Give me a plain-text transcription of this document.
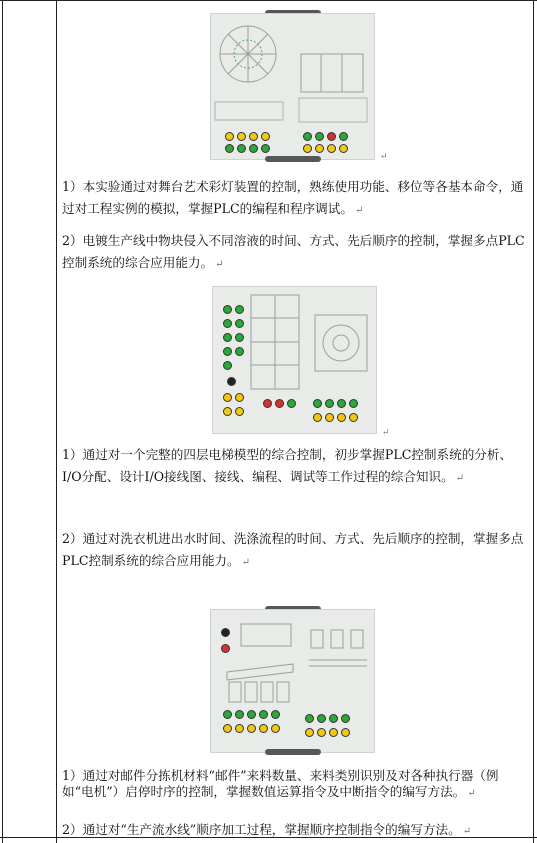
↵
1）本实验通过对舞台艺术彩灯装置的控制，熟练使用功能、移位等各基本命令，通过对工程实例的模拟，掌握PLC的编程和程序调试。 ↵
2）电镀生产线中物块侵入不同溶液的时间、方式、先后顺序的控制，掌握多点PLC控制系统的综合应用能力。 ↵
↵
1）通过对一个完整的四层电梯模型的综合控制，初步掌握PLC控制系统的分析、I/O分配、设计I/O接线图、接线、编程、调试等工作过程的综合知识。 ↵
2）通过对洗衣机进出水时间、洗涤流程的时间、方式、先后顺序的控制，掌握多点PLC控制系统的综合应用能力。 ↵
1）通过对邮件分拣机材料“邮件”来料数量、来料类别识别及对各种执行器（例如“电机”）启停时序的控制，掌握数值运算指令及中断指令的编写方法。 ↵
2）通过对“生产流水线”顺序加工过程，掌握顺序控制指令的编写方法。 ↵
